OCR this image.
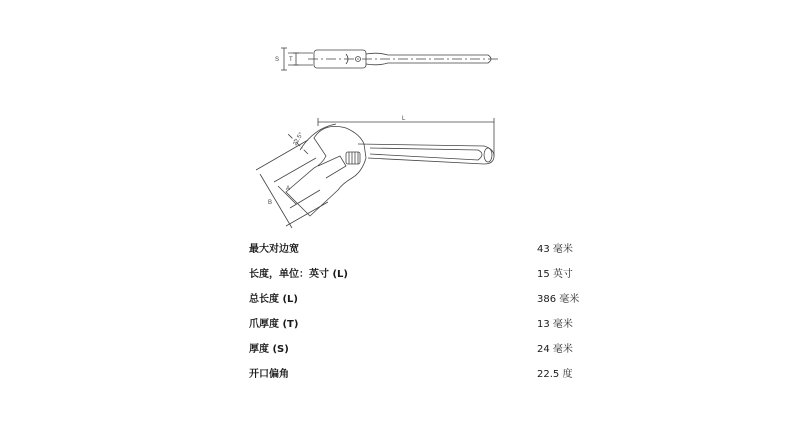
S T
L
22.5°
A
B
最大对边宽	43 毫米
长度，单位：英寸 (L)	15 英寸
总长度 (L)	386 毫米
爪厚度 (T)	13 毫米
厚度 (S)	24 毫米
开口偏角	22.5 度
